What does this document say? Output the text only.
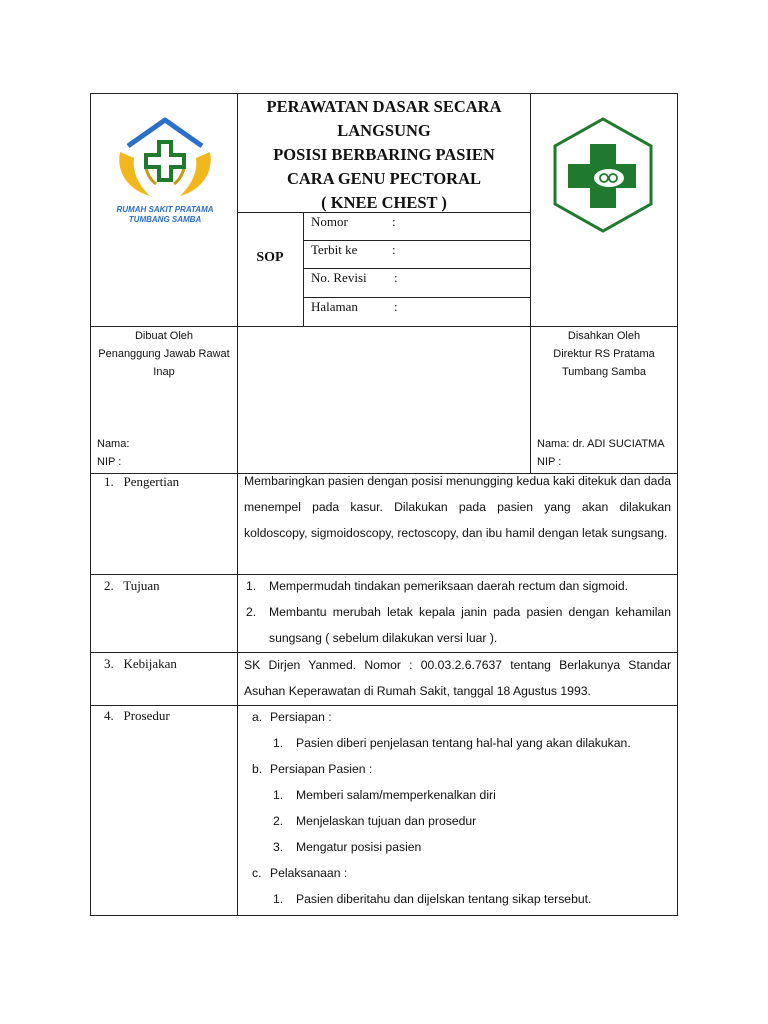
RUMAH SAKIT PRATAMA
TUMBANG SAMBA
PERAWATAN DASAR SECARA
LANGSUNG
POSISI BERBARING PASIEN
CARA GENU PECTORAL
( KNEE CHEST )
SOP
Nomor	:
Terbit ke	:
No. Revisi :
Halaman	:
Dibuat Oleh
Penanggung Jawab Rawat
Inap
Nama:
NIP :
Disahkan Oleh
Direktur RS Pratama
Tumbang Samba
Nama: dr. ADI SUCIATMA
NIP :
1.   Pengertian	Membaringkan pasien dengan posisi menungging kedua kaki ditekuk dan dada menempel pada kasur. Dilakukan pada pasien yang akan dilakukan koldoscopy, sigmoidoscopy, rectoscopy, dan ibu hamil dengan letak sungsang.
2.   Tujuan	1. Mempermudah tindakan pemeriksaan daerah rectum dan sigmoid.
2. Membantu merubah letak kepala janin pada pasien dengan kehamilan sungsang ( sebelum dilakukan versi luar ).
3.   Kebijakan	SK Dirjen Yanmed. Nomor : 00.03.2.6.7637 tentang Berlakunya Standar Asuhan Keperawatan di Rumah Sakit, tanggal 18 Agustus 1993.
4.   Prosedur	a. Persiapan :
1. Pasien diberi penjelasan tentang hal-hal yang akan dilakukan.
b. Persiapan Pasien :
1. Memberi salam/memperkenalkan diri
2. Menjelaskan tujuan dan prosedur
3. Mengatur posisi pasien
c. Pelaksanaan :
1. Pasien diberitahu dan dijelskan tentang sikap tersebut.
